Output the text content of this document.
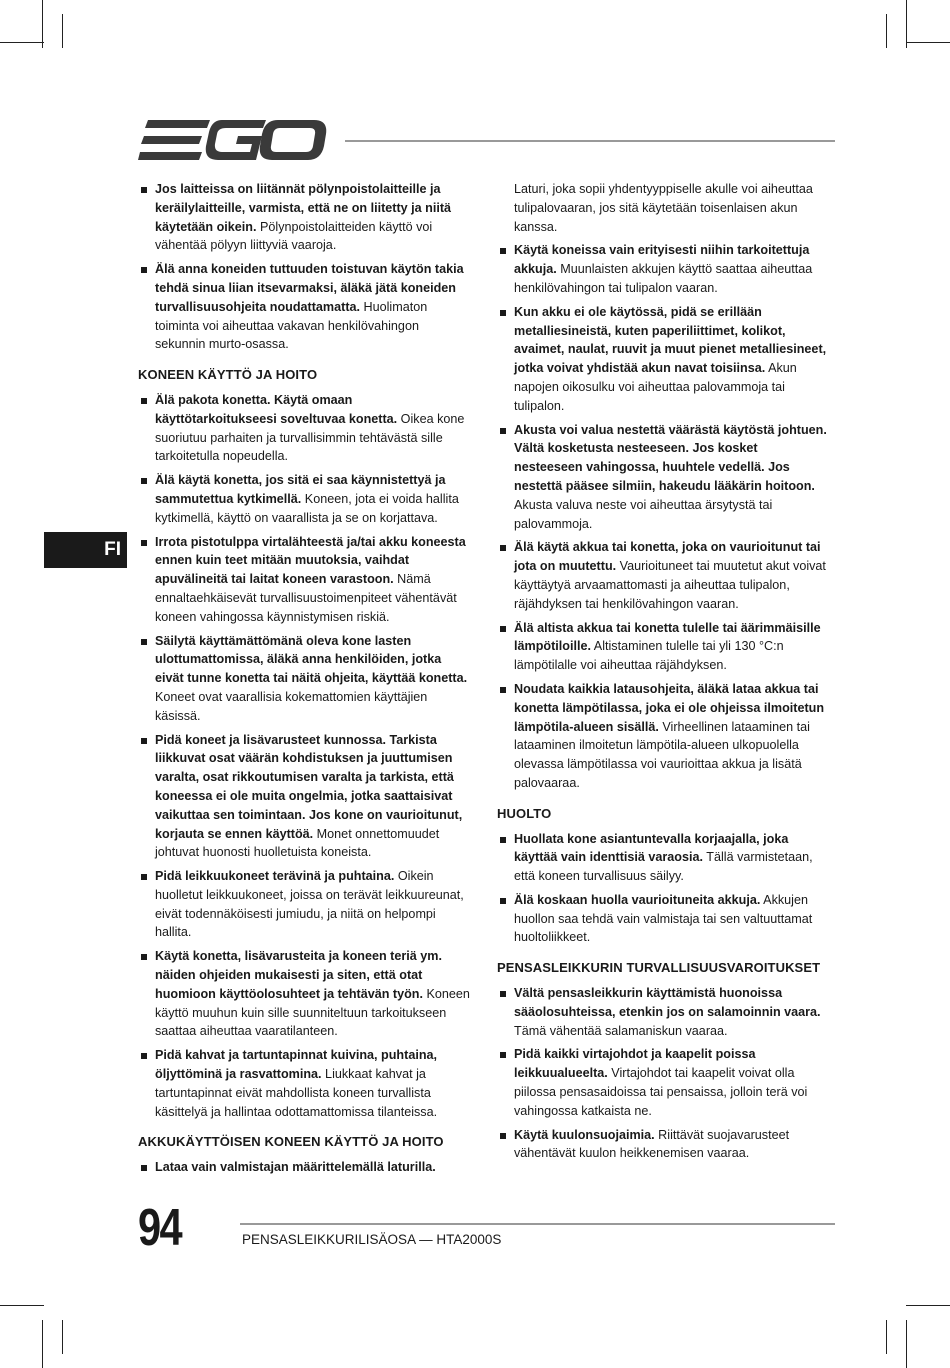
EGO
FI
Jos laitteissa on liitännät pölynpoistolaitteille ja keräilylaitteille, varmista, että ne on liitetty ja niitä käytetään oikein. Pölynpoistolaitteiden käyttö voi vähentää pölyyn liittyviä vaaroja.
Älä anna koneiden tuttuuden toistuvan käytön takia tehdä sinua liian itsevarmaksi, äläkä jätä koneiden turvallisuusohjeita noudattamatta. Huolimaton toiminta voi aiheuttaa vakavan henkilövahingon sekunnin murto-osassa.
KONEEN KÄYTTÖ JA HOITO
Älä pakota konetta. Käytä omaan käyttötarkoitukseesi soveltuvaa konetta. Oikea kone suoriutuu parhaiten ja turvallisimmin tehtävästä sille tarkoitetulla nopeudella.
Älä käytä konetta, jos sitä ei saa käynnistettyä ja sammutettua kytkimellä. Koneen, jota ei voida hallita kytkimellä, käyttö on vaarallista ja se on korjattava.
Irrota pistotulppa virtalähteestä ja/tai akku koneesta ennen kuin teet mitään muutoksia, vaihdat apuvälineitä tai laitat koneen varastoon. Nämä ennaltaehkäisevät turvallisuustoimenpiteet vähentävät koneen vahingossa käynnistymisen riskiä.
Säilytä käyttämättömänä oleva kone lasten ulottumattomissa, äläkä anna henkilöiden, jotka eivät tunne konetta tai näitä ohjeita, käyttää konetta. Koneet ovat vaarallisia kokemattomien käyttäjien käsissä.
Pidä koneet ja lisävarusteet kunnossa. Tarkista liikkuvat osat väärän kohdistuksen ja juuttumisen varalta, osat rikkoutumisen varalta ja tarkista, että koneessa ei ole muita ongelmia, jotka saattaisivat vaikuttaa sen toimintaan. Jos kone on vaurioitunut, korjauta se ennen käyttöä. Monet onnettomuudet johtuvat huonosti huolletuista koneista.
Pidä leikkuukoneet terävinä ja puhtaina. Oikein huolletut leikkuukoneet, joissa on terävät leikkuureunat, eivät todennäköisesti jumiudu, ja niitä on helpompi hallita.
Käytä konetta, lisävarusteita ja koneen teriä ym. näiden ohjeiden mukaisesti ja siten, että otat huomioon käyttöolosuhteet ja tehtävän työn. Koneen käyttö muuhun kuin sille suunniteltuun tarkoitukseen saattaa aiheuttaa vaaratilanteen.
Pidä kahvat ja tartuntapinnat kuivina, puhtaina, öljyttöminä ja rasvattomina. Liukkaat kahvat ja tartuntapinnat eivät mahdollista koneen turvallista käsittelyä ja hallintaa odottamattomissa tilanteissa.
AKKUKÄYTTÖISEN KONEEN KÄYTTÖ JA HOITO
Lataa vain valmistajan määrittelemällä laturilla.
Laturi, joka sopii yhdentyyppiselle akulle voi aiheuttaa tulipalovaaran, jos sitä käytetään toisenlaisen akun kanssa.
Käytä koneissa vain erityisesti niihin tarkoitettuja akkuja. Muunlaisten akkujen käyttö saattaa aiheuttaa henkilövahingon tai tulipalon vaaran.
Kun akku ei ole käytössä, pidä se erillään metalliesineistä, kuten paperiliittimet, kolikot, avaimet, naulat, ruuvit ja muut pienet metalliesineet, jotka voivat yhdistää akun navat toisiinsa. Akun napojen oikosulku voi aiheuttaa palovammoja tai tulipalon.
Akusta voi valua nestettä väärästä käytöstä johtuen. Vältä kosketusta nesteeseen. Jos kosket nesteeseen vahingossa, huuhtele vedellä. Jos nestettä pääsee silmiin, hakeudu lääkärin hoitoon. Akusta valuva neste voi aiheuttaa ärsytystä tai palovammoja.
Älä käytä akkua tai konetta, joka on vaurioitunut tai jota on muutettu. Vaurioituneet tai muutetut akut voivat käyttäytyä arvaamattomasti ja aiheuttaa tulipalon, räjähdyksen tai henkilövahingon vaaran.
Älä altista akkua tai konetta tulelle tai äärimmäisille lämpötiloille. Altistaminen tulelle tai yli 130 °C:n lämpötilalle voi aiheuttaa räjähdyksen.
Noudata kaikkia latausohjeita, äläkä lataa akkua tai konetta lämpötilassa, joka ei ole ohjeissa ilmoitetun lämpötila-alueen sisällä. Virheellinen lataaminen tai lataaminen ilmoitetun lämpötila-alueen ulkopuolella olevassa lämpötilassa voi vaurioittaa akkua ja lisätä palovaaraa.
HUOLTO
Huollata kone asiantuntevalla korjaajalla, joka käyttää vain identtisiä varaosia. Tällä varmistetaan, että koneen turvallisuus säilyy.
Älä koskaan huolla vaurioituneita akkuja. Akkujen huollon saa tehdä vain valmistaja tai sen valtuuttamat huoltoliikkeet.
PENSASLEIKKURIN TURVALLISUUSVAROITUKSET
Vältä pensasleikkurin käyttämistä huonoissa sääolosuhteissa, etenkin jos on salamoinnin vaara. Tämä vähentää salamaniskun vaaraa.
Pidä kaikki virtajohdot ja kaapelit poissa leikkuualueelta. Virtajohdot tai kaapelit voivat olla piilossa pensasaidoissa tai pensaissa, jolloin terä voi vahingossa katkaista ne.
Käytä kuulonsuojaimia. Riittävät suojavarusteet vähentävät kuulon heikkenemisen vaaraa.
94	PENSASLEIKKURILISÄOSA — HTA2000S
